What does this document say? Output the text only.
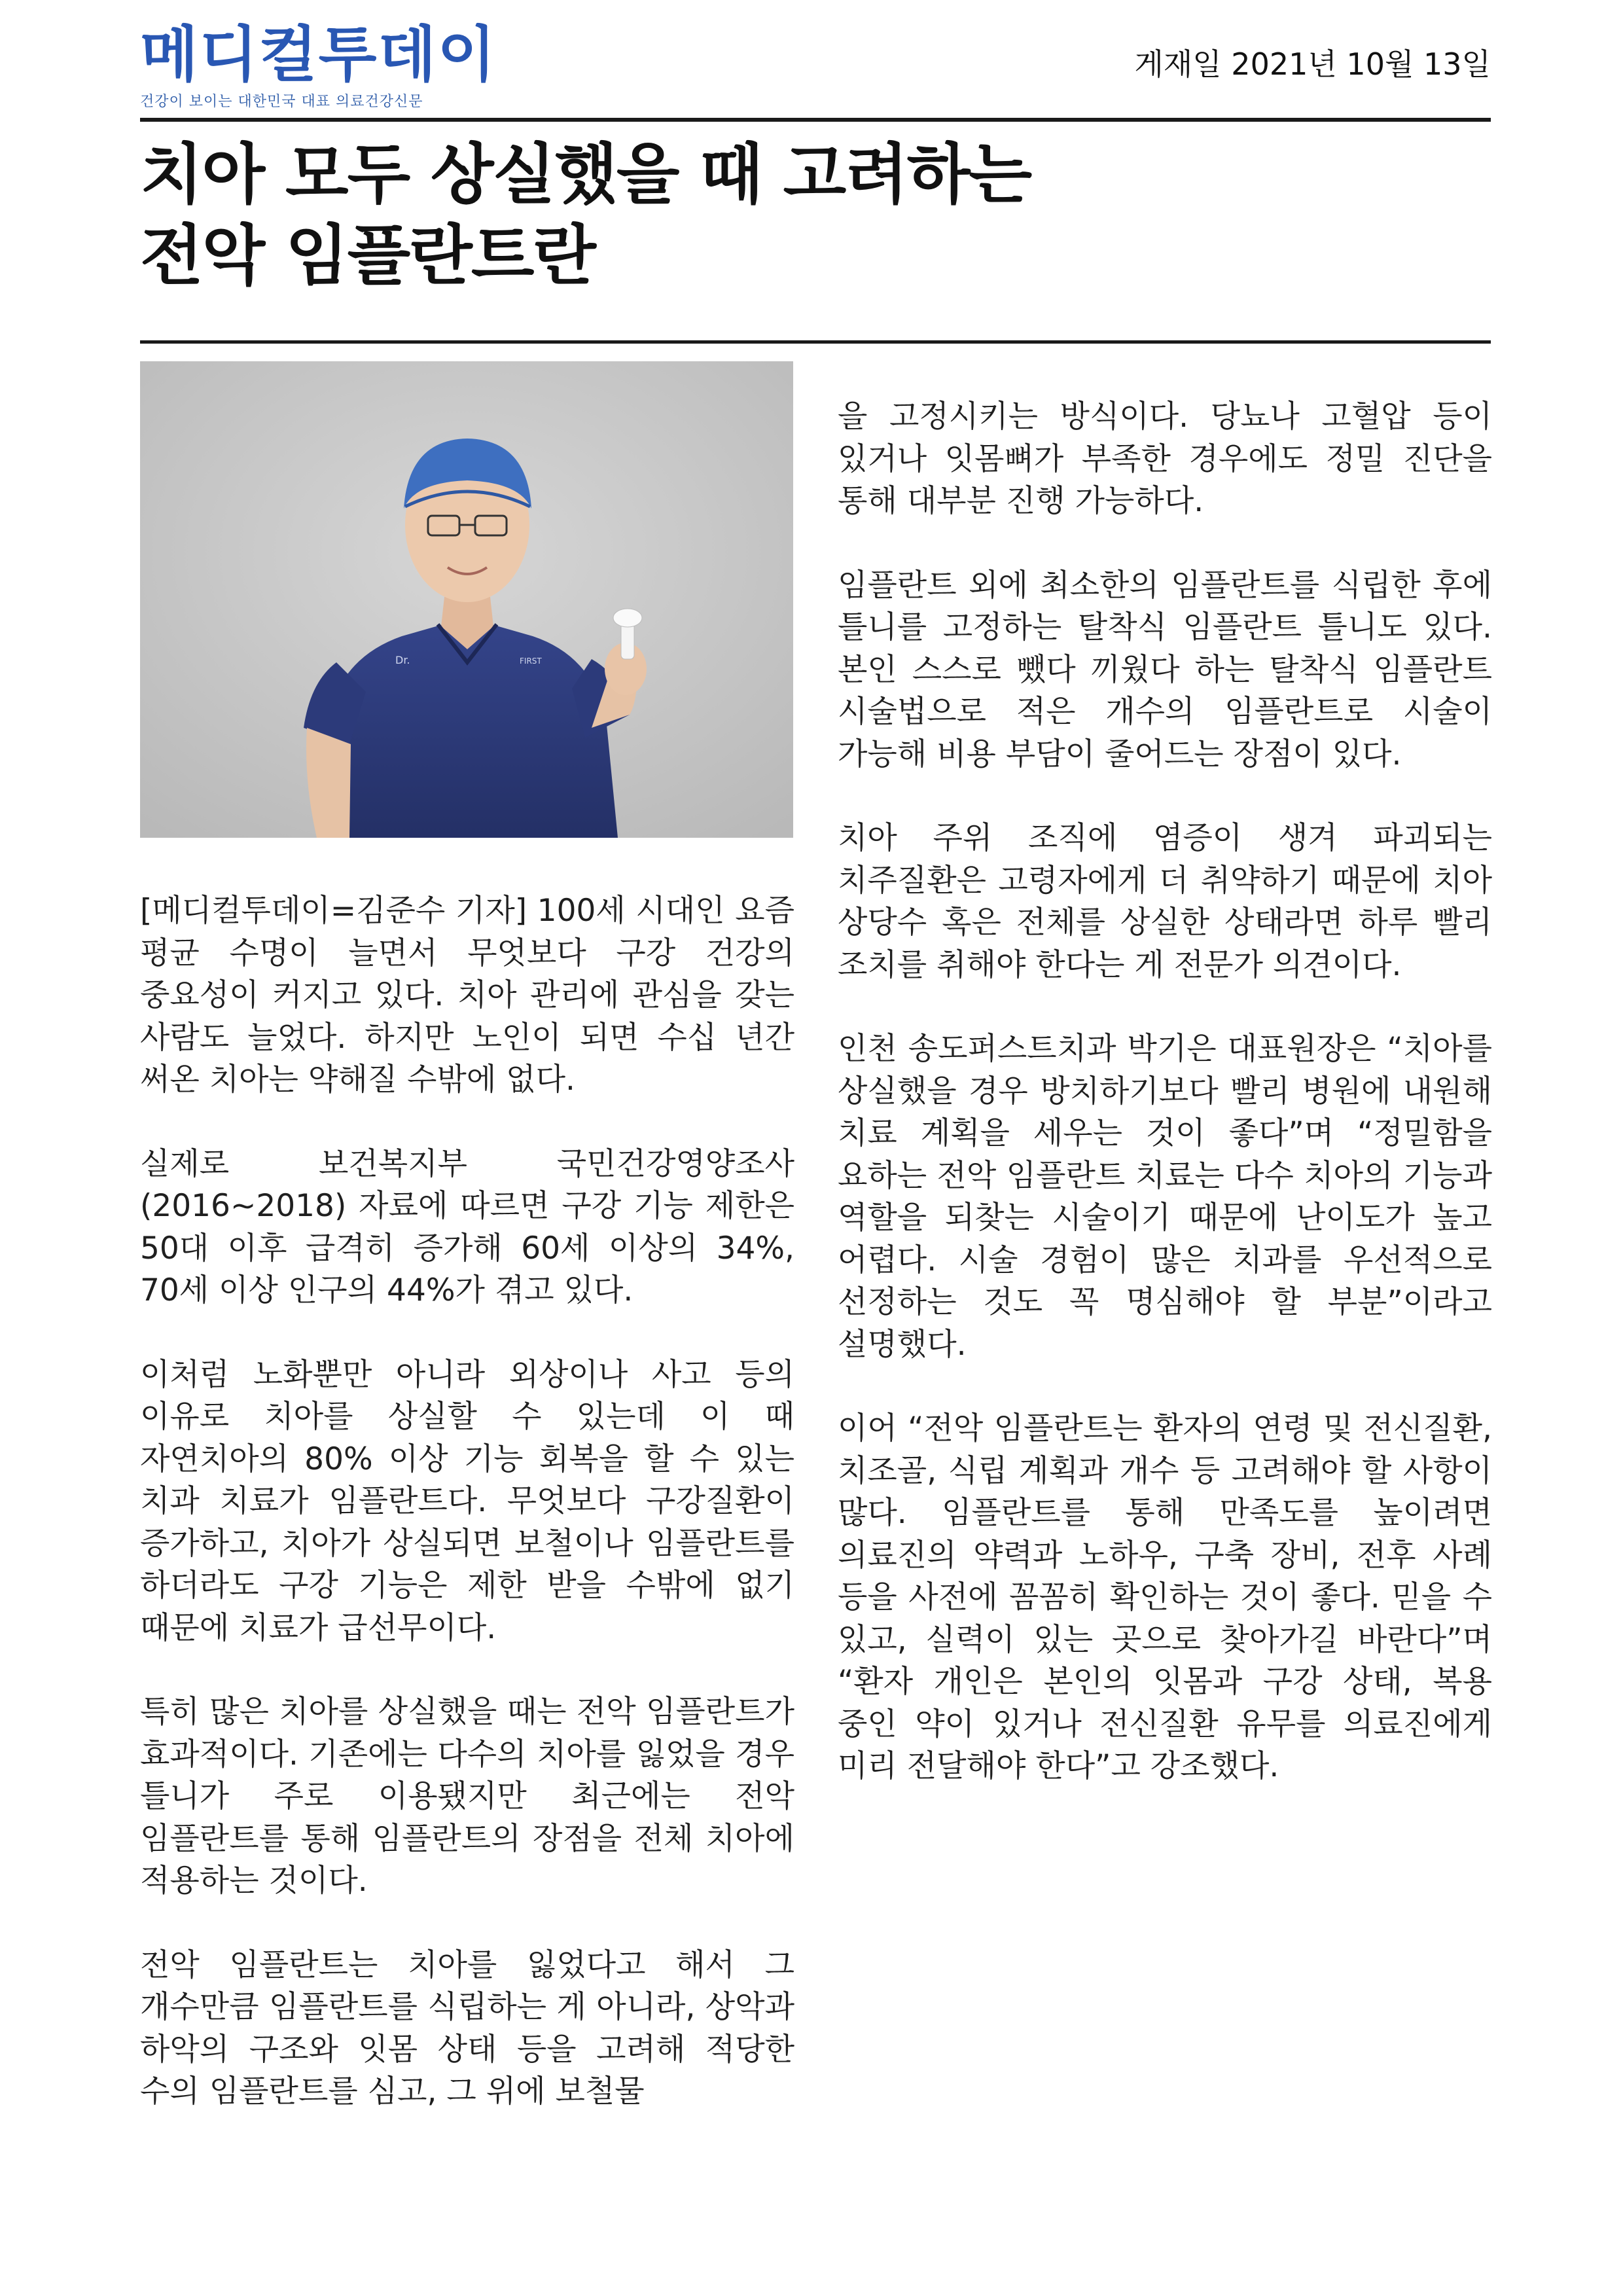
메디컬투데이
건강이 보이는 대한민국 대표 의료건강신문
게재일 2021년 10월 13일
치아 모두 상실했을 때 고려하는
전악 임플란트란
Dr.	FIRST

[메디컬투데이=김준수 기자] 100세 시대인 요즘 평균 수명이 늘면서 무엇보다 구강 건강의 중요성이 커지고 있다. 치아 관리에 관심을 갖는 사람도 늘었다. 하지만 노인이 되면 수십 년간 써온 치아는 약해질 수밖에 없다.

실제로 보건복지부 국민건강영양조사(2016~2018) 자료에 따르면 구강 기능 제한은 50대 이후 급격히 증가해 60세 이상의 34%, 70세 이상 인구의 44%가 겪고 있다.

이처럼 노화뿐만 아니라 외상이나 사고 등의 이유로 치아를 상실할 수 있는데 이 때 자연치아의 80% 이상 기능 회복을 할 수 있는 치과 치료가 임플란트다. 무엇보다 구강질환이 증가하고, 치아가 상실되면 보철이나 임플란트를 하더라도 구강 기능은 제한 받을 수밖에 없기 때문에 치료가 급선무이다.

특히 많은 치아를 상실했을 때는 전악 임플란트가 효과적이다. 기존에는 다수의 치아를 잃었을 경우 틀니가 주로 이용됐지만 최근에는 전악 임플란트를 통해 임플란트의 장점을 전체 치아에 적용하는 것이다.

전악 임플란트는 치아를 잃었다고 해서 그 개수만큼 임플란트를 식립하는 게 아니라, 상악과 하악의 구조와 잇몸 상태 등을 고려해 적당한 수의 임플란트를 심고, 그 위에 보철물

을 고정시키는 방식이다. 당뇨나 고혈압 등이 있거나 잇몸뼈가 부족한 경우에도 정밀 진단을 통해 대부분 진행 가능하다.

임플란트 외에 최소한의 임플란트를 식립한 후에 틀니를 고정하는 탈착식 임플란트 틀니도 있다. 본인 스스로 뺐다 끼웠다 하는 탈착식 임플란트 시술법으로 적은 개수의 임플란트로 시술이 가능해 비용 부담이 줄어드는 장점이 있다.

치아 주위 조직에 염증이 생겨 파괴되는 치주질환은 고령자에게 더 취약하기 때문에 치아 상당수 혹은 전체를 상실한 상태라면 하루 빨리 조치를 취해야 한다는 게 전문가 의견이다.

인천 송도퍼스트치과 박기은 대표원장은 “치아를 상실했을 경우 방치하기보다 빨리 병원에 내원해 치료 계획을 세우는 것이 좋다”며 “정밀함을 요하는 전악 임플란트 치료는 다수 치아의 기능과 역할을 되찾는 시술이기 때문에 난이도가 높고 어렵다. 시술 경험이 많은 치과를 우선적으로 선정하는 것도 꼭 명심해야 할 부분”이라고 설명했다.

이어 “전악 임플란트는 환자의 연령 및 전신질환, 치조골, 식립 계획과 개수 등 고려해야 할 사항이 많다. 임플란트를 통해 만족도를 높이려면 의료진의 약력과 노하우, 구축 장비, 전후 사례 등을 사전에 꼼꼼히 확인하는 것이 좋다. 믿을 수 있고, 실력이 있는 곳으로 찾아가길 바란다”며 “환자 개인은 본인의 잇몸과 구강 상태, 복용 중인 약이 있거나 전신질환 유무를 의료진에게 미리 전달해야 한다”고 강조했다.
